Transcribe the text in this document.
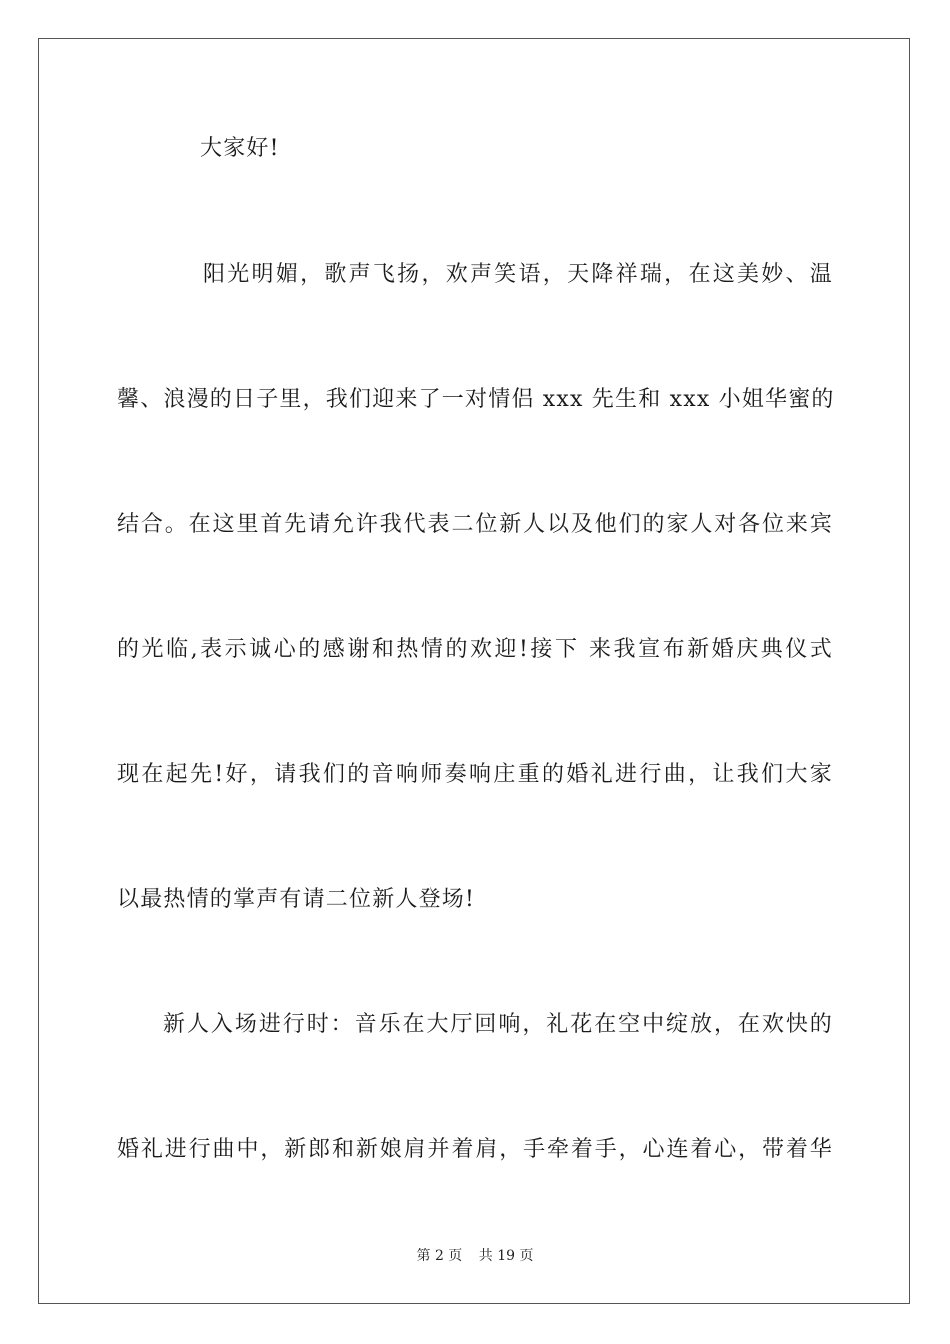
大家好!
阳光明媚，歌声飞扬，欢声笑语，天降祥瑞，在这美妙、温
馨、浪漫的日子里，我们迎来了一对情侣 xxx 先生和 xxx 小姐华蜜的
结合。在这里首先请允许我代表二位新人以及他们的家人对各位来宾
的光临,表示诚心的感谢和热情的欢迎!接下 来我宣布新婚庆典仪式
现在起先!好，请我们的音响师奏响庄重的婚礼进行曲，让我们大家
以最热情的掌声有请二位新人登场!
新人入场进行时：音乐在大厅回响，礼花在空中绽放，在欢快的
婚礼进行曲中，新郎和新娘肩并着肩，手牵着手，心连着心，带着华
第 2 页 共 19 页
